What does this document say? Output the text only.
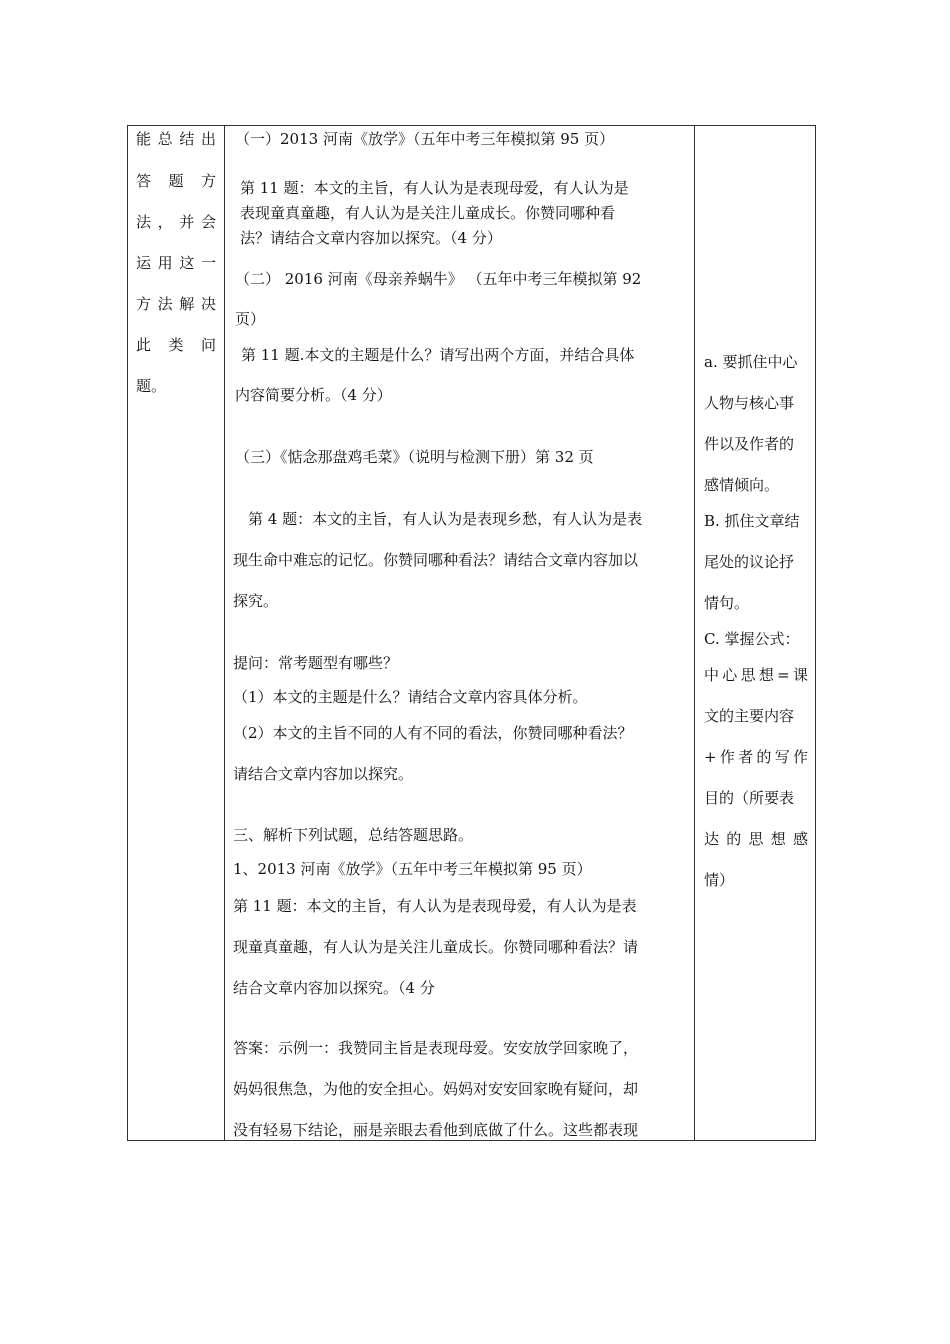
能总结出
答 题 方
法，并会
运用这一
方法解决
此 类 问
题。
（一）2013 河南《放学》（五年中考三年模拟第 95 页）
第 11 题：本文的主旨，有人认为是表现母爱，有人认为是
表现童真童趣，有人认为是关注儿童成长。你赞同哪种看
法？请结合文章内容加以探究。（4 分）
（二） 2016 河南《母亲养蜗牛》 （五年中考三年模拟第 92
页）
第 11 题.本文的主题是什么？请写出两个方面，并结合具体
内容简要分析。（4 分）
（三）《惦念那盘鸡毛菜》（说明与检测下册）第 32 页
第 4 题：本文的主旨，有人认为是表现乡愁，有人认为是表
现生命中难忘的记忆。你赞同哪种看法？请结合文章内容加以
探究。
提问：常考题型有哪些？
（1）本文的主题是什么？请结合文章内容具体分析。
（2）本文的主旨不同的人有不同的看法，你赞同哪种看法？
请结合文章内容加以探究。
三、解析下列试题，总结答题思路。
1、2013 河南《放学》（五年中考三年模拟第 95 页）
第 11 题：本文的主旨，有人认为是表现母爱，有人认为是表
现童真童趣，有人认为是关注儿童成长。你赞同哪种看法？请
结合文章内容加以探究。（4 分
答案：示例一：我赞同主旨是表现母爱。安安放学回家晚了，
妈妈很焦急，为他的安全担心。妈妈对安安回家晚有疑问，却
没有轻易下结论，丽是亲眼去看他到底做了什么。这些都表现
a. 要抓住中心
人物与核心事
件以及作者的
感情倾向。
B. 抓住文章结
尾处的议论抒
情句。
C. 掌握公式：
中心思想=课
文的主要内容
+作者的写作
目的（所要表
达 的 思 想 感
情）
